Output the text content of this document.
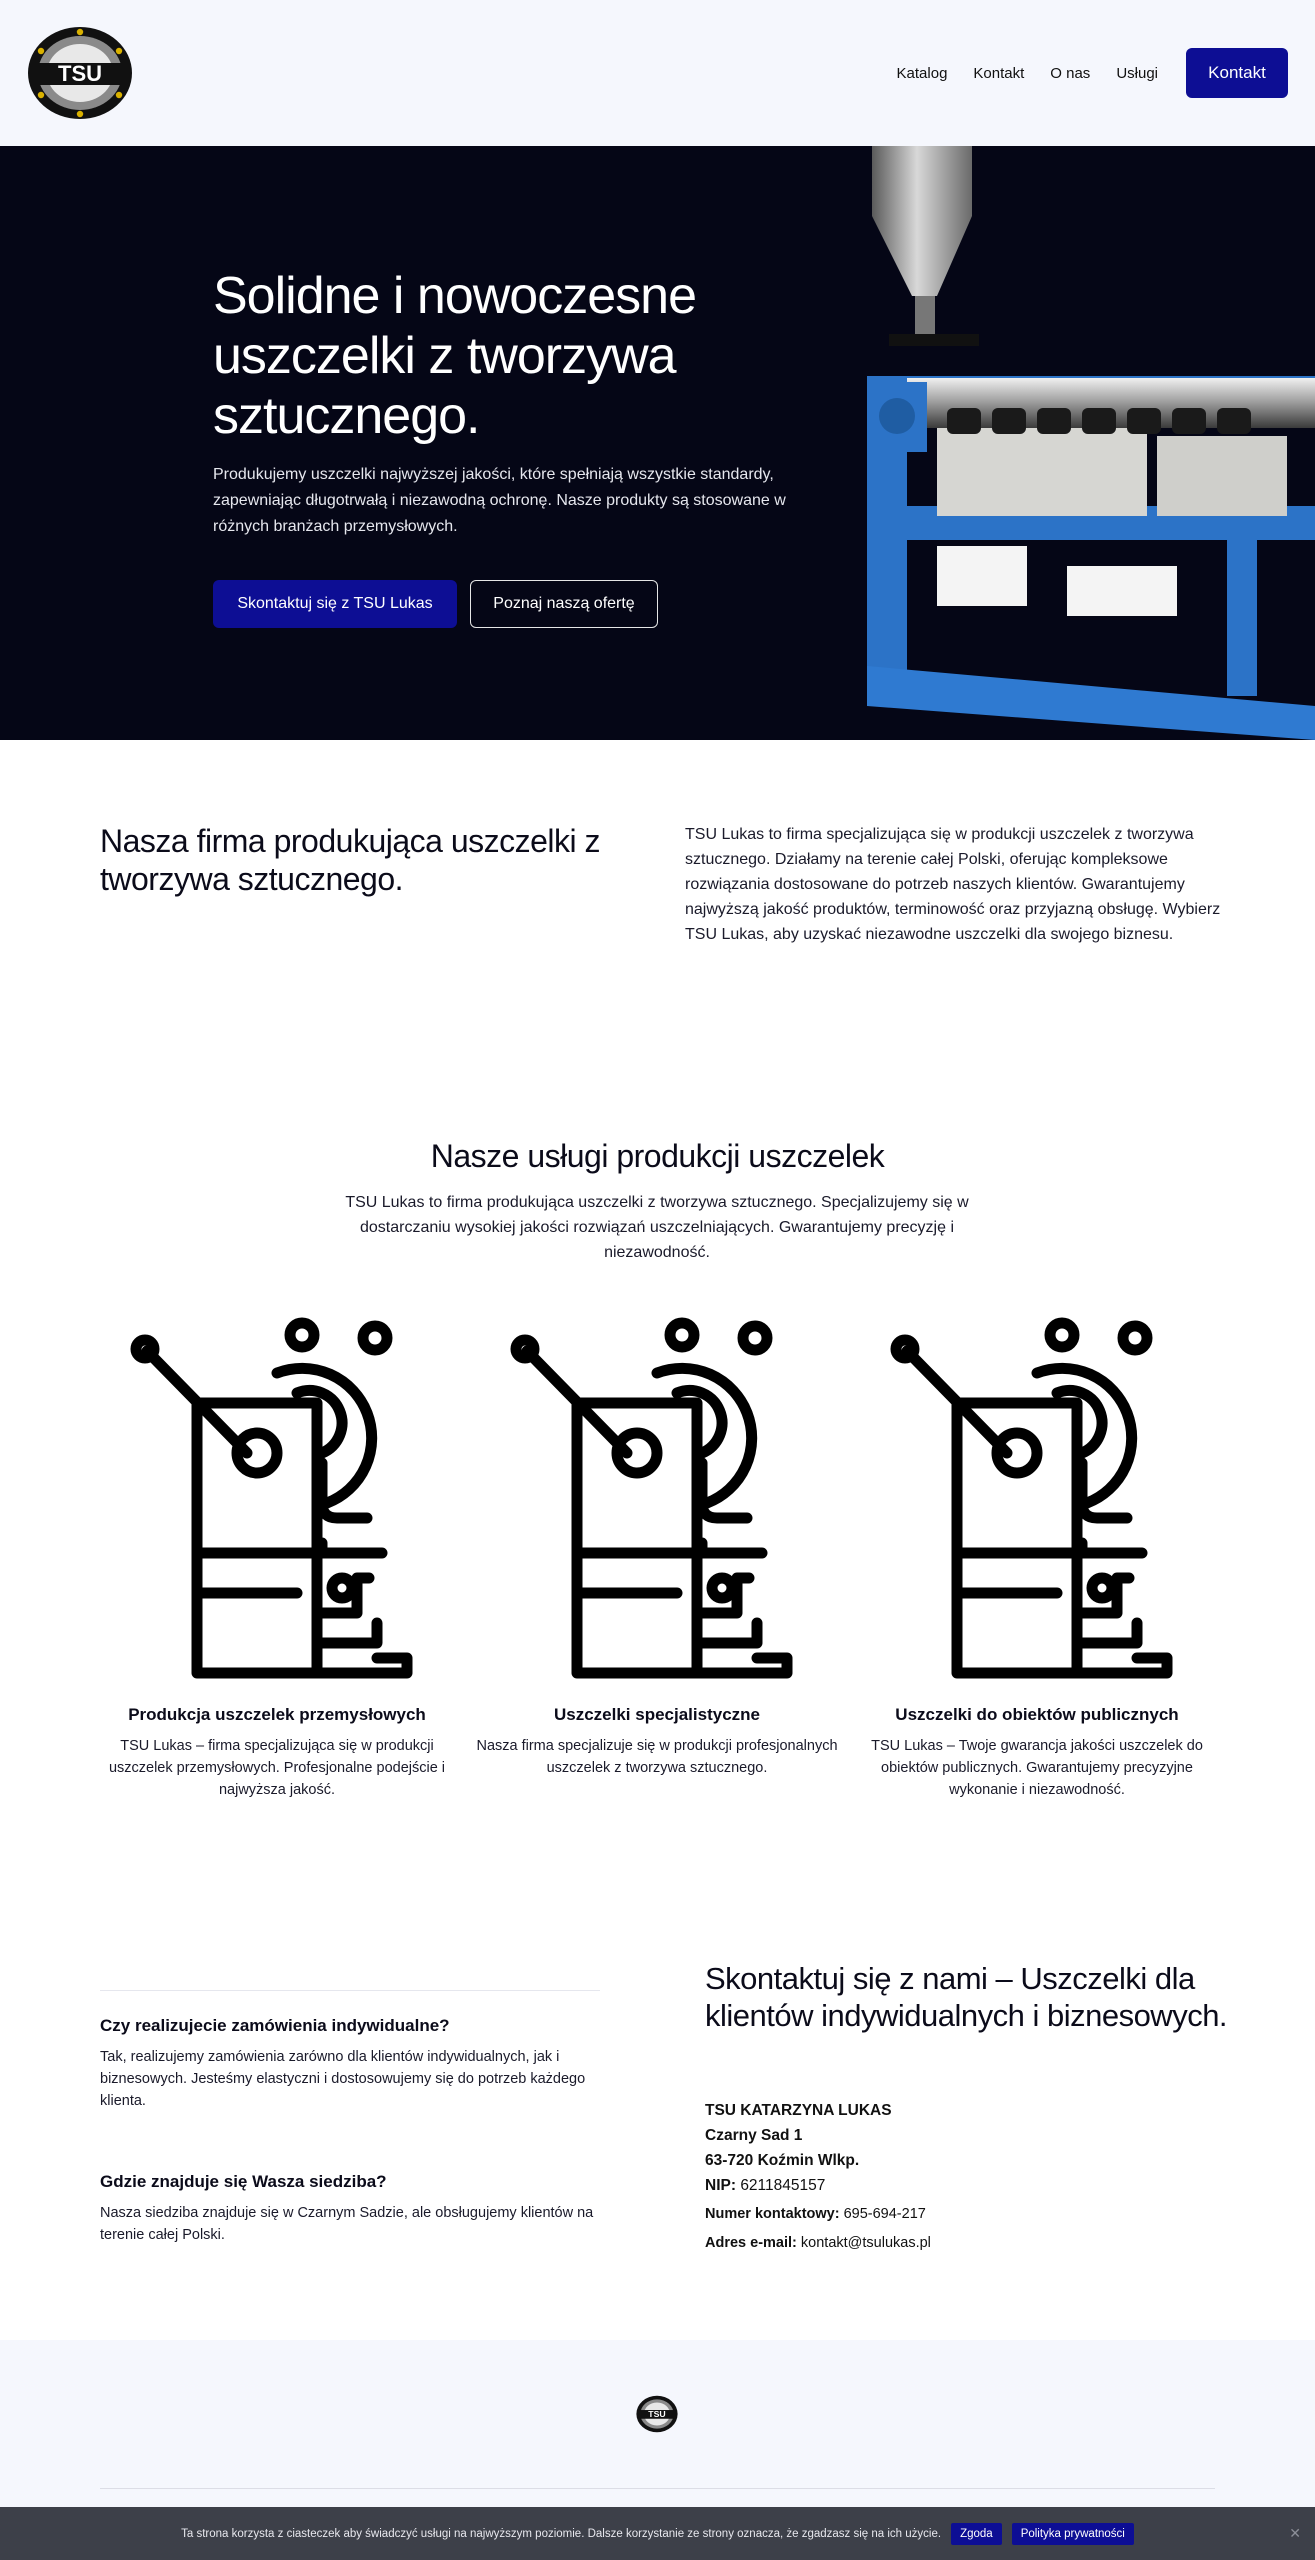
TSU	Katalog Kontakt O nas Usługi	Kontakt
Solidne i nowoczesne uszczelki z tworzywa sztucznego.

Produkujemy uszczelki najwyższej jakości, które spełniają wszystkie standardy, zapewniając długotrwałą i niezawodną ochronę. Nasze produkty są stosowane w różnych branżach przemysłowych.

Skontaktuj się z TSU Lukas	Poznaj naszą ofertę
Nasza firma produkująca uszczelki z tworzywa sztucznego.

TSU Lukas to firma specjalizująca się w produkcji uszczelek z tworzywa sztucznego. Działamy na terenie całej Polski, oferując kompleksowe rozwiązania dostosowane do potrzeb naszych klientów. Gwarantujemy najwyższą jakość produktów, terminowość oraz przyjazną obsługę. Wybierz TSU Lukas, aby uzyskać niezawodne uszczelki dla swojego biznesu.

Nasze usługi produkcji uszczelek

TSU Lukas to firma produkująca uszczelki z tworzywa sztucznego. Specjalizujemy się w dostarczaniu wysokiej jakości rozwiązań uszczelniających. Gwarantujemy precyzję i niezawodność.

Produkcja uszczelek przemysłowych

TSU Lukas – firma specjalizująca się w produkcji uszczelek przemysłowych. Profesjonalne podejście i najwyższa jakość.

Uszczelki specjalistyczne

Nasza firma specjalizuje się w produkcji profesjonalnych uszczelek z tworzywa sztucznego.

Uszczelki do obiektów publicznych

TSU Lukas – Twoje gwarancja jakości uszczelek do obiektów publicznych. Gwarantujemy precyzyjne wykonanie i niezawodność.

Czy realizujecie zamówienia indywidualne?

Tak, realizujemy zamówienia zarówno dla klientów indywidualnych, jak i biznesowych. Jesteśmy elastyczni i dostosowujemy się do potrzeb każdego klienta.

Gdzie znajduje się Wasza siedziba?

Nasza siedziba znajduje się w Czarnym Sadzie, ale obsługujemy klientów na terenie całej Polski.

Skontaktuj się z nami – Uszczelki dla klientów indywidualnych i biznesowych.
TSU KATARZYNA LUKAS
Czarny Sad 1
63-720 Koźmin Wlkp.
NIP: 6211845157
Numer kontaktowy: 695-694-217
Adres e-mail: kontakt@tsulukas.pl
TSU
Ta strona korzysta z ciasteczek aby świadczyć usługi na najwyższym poziomie. Dalsze korzystanie ze strony oznacza, że zgadzasz się na ich użycie.	Zgoda	Polityka prywatności	✕
